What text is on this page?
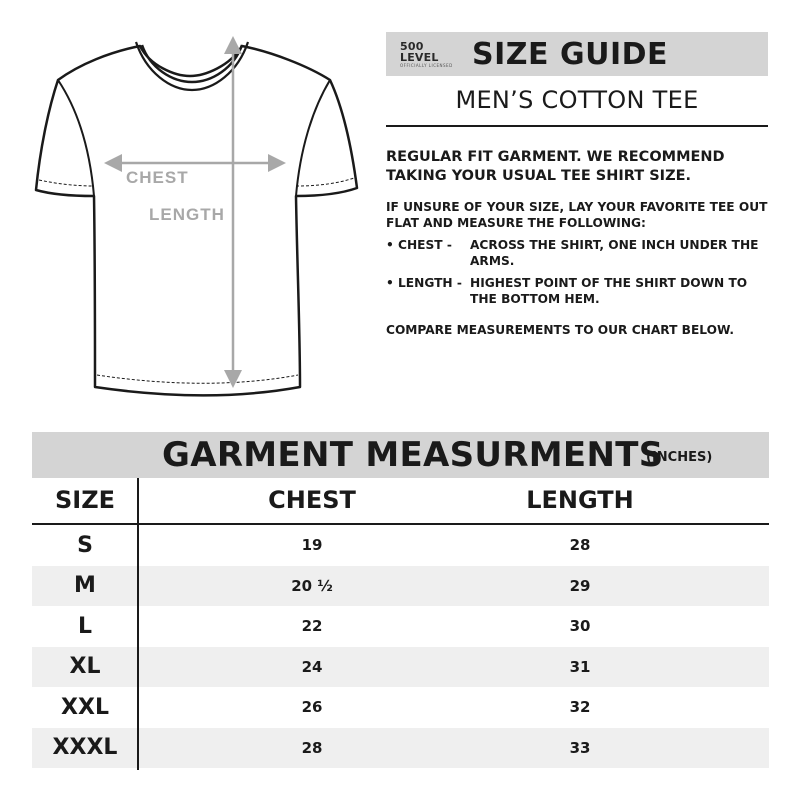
CHEST
LENGTH
500 LEVEL
OFFICIALLY LICENSED SIZE GUIDE
MEN’S COTTON TEE

REGULAR FIT GARMENT. WE RECOMMEND TAKING YOUR USUAL TEE SHIRT SIZE.

IF UNSURE OF YOUR SIZE, LAY YOUR FAVORITE TEE OUT FLAT AND MEASURE THE FOLLOWING:

• CHEST -	ACROSS THE SHIRT, ONE INCH UNDER THE ARMS.
• LENGTH - HIGHEST POINT OF THE SHIRT DOWN TO THE BOTTOM HEM.
COMPARE MEASUREMENTS TO OUR CHART BELOW.
GARMENT MEASURMENTS
(INCHES)
SIZE	CHEST	LENGTH
S	19	28
M	20 ½	29
L	22	30
XL	24	31
XXL	26	32
XXXL	28	33
